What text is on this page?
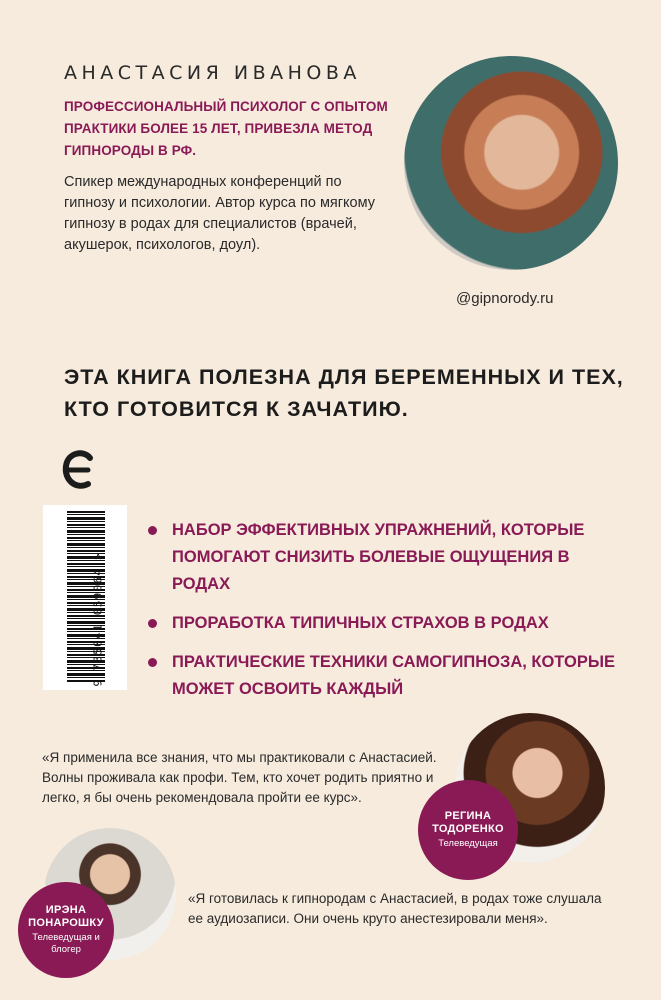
АНАСТАСИЯ ИВАНОВА
ПРОФЕССИОНАЛЬНЫЙ ПСИХОЛОГ С ОПЫТОМ ПРАКТИКИ БОЛЕЕ 15 ЛЕТ, ПРИВЕЗЛА МЕТОД ГИПНОРОДЫ В РФ.
Спикер международных конференций по гипнозу и психологии. Автор курса по мягкому гипнозу в родах для специалистов (врачей, акушерок, психологов, доул).
@gipnorody.ru
ЭТА КНИГА ПОЛЕЗНА ДЛЯ БЕРЕМЕННЫХ И ТЕХ, КТО ГОТОВИТСЯ К ЗАЧАТИЮ.
9 785041 059064 >
НАБОР ЭФФЕКТИВНЫХ УПРАЖНЕНИЙ, КОТОРЫЕ ПОМОГАЮТ СНИЗИТЬ БОЛЕВЫЕ ОЩУЩЕНИЯ В РОДАХ
ПРОРАБОТКА ТИПИЧНЫХ СТРАХОВ В РОДАХ
ПРАКТИЧЕСКИЕ ТЕХНИКИ САМОГИПНОЗА, КОТОРЫЕ МОЖЕТ ОСВОИТЬ КАЖДЫЙ
«Я применила все знания, что мы практиковали с Анастасией. Волны проживала как профи. Тем, кто хочет родить приятно и легко, я бы очень рекомендовала пройти ее курс».
РЕГИНА ТОДОРЕНКО
Телеведущая
ИРЭНА ПОНАРОШКУ
Телеведущая и блогер
«Я готовилась к гипнородам с Анастасией, в родах тоже слушала ее аудиозаписи. Они очень круто анестезировали меня».
